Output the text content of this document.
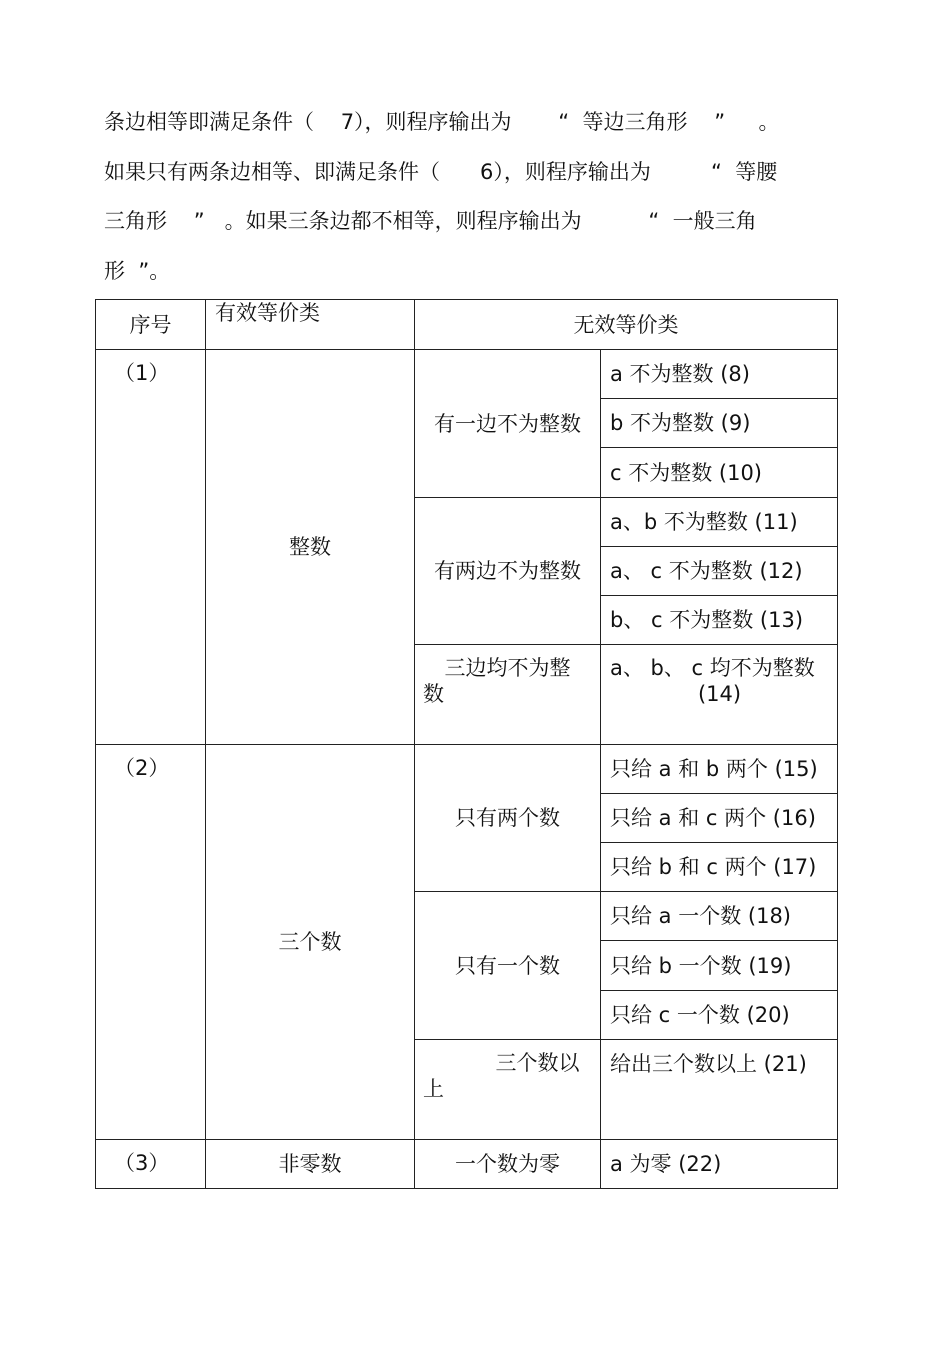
条边相等即满足条件（    7），则程序输出为       “  等边三角形    ”     。
如果只有两条边相等、即满足条件（      6），则程序输出为         “  等腰
三角形    ”   。如果三条边都不相等，则程序输出为          “  一般三角
形  ”。
序号	有效等价类	无效等价类	
（1）	整数	有一边不为整数	a 不为整数 (8)
			b 不为整数 (9)
			c 不为整数 (10)
		有两边不为整数	a、b 不为整数 (11)
			a、 c 不为整数 (12)
			b、 c 不为整数 (13)

		三边均不为整
数	a、 b、 c 均不为整数
(14)

（2）	三个数	只有两个数	只给 a 和 b 两个 (15)
			只给 a 和 c 两个 (16)
			只给 b 和 c 两个 (17)
		只有一个数	只给 a 一个数 (18)
			只给 b 一个数 (19)
			只给 c 一个数 (20)

		三个数以
上	给出三个数以上 (21)
（3）	非零数	一个数为零	a 为零 (22)
